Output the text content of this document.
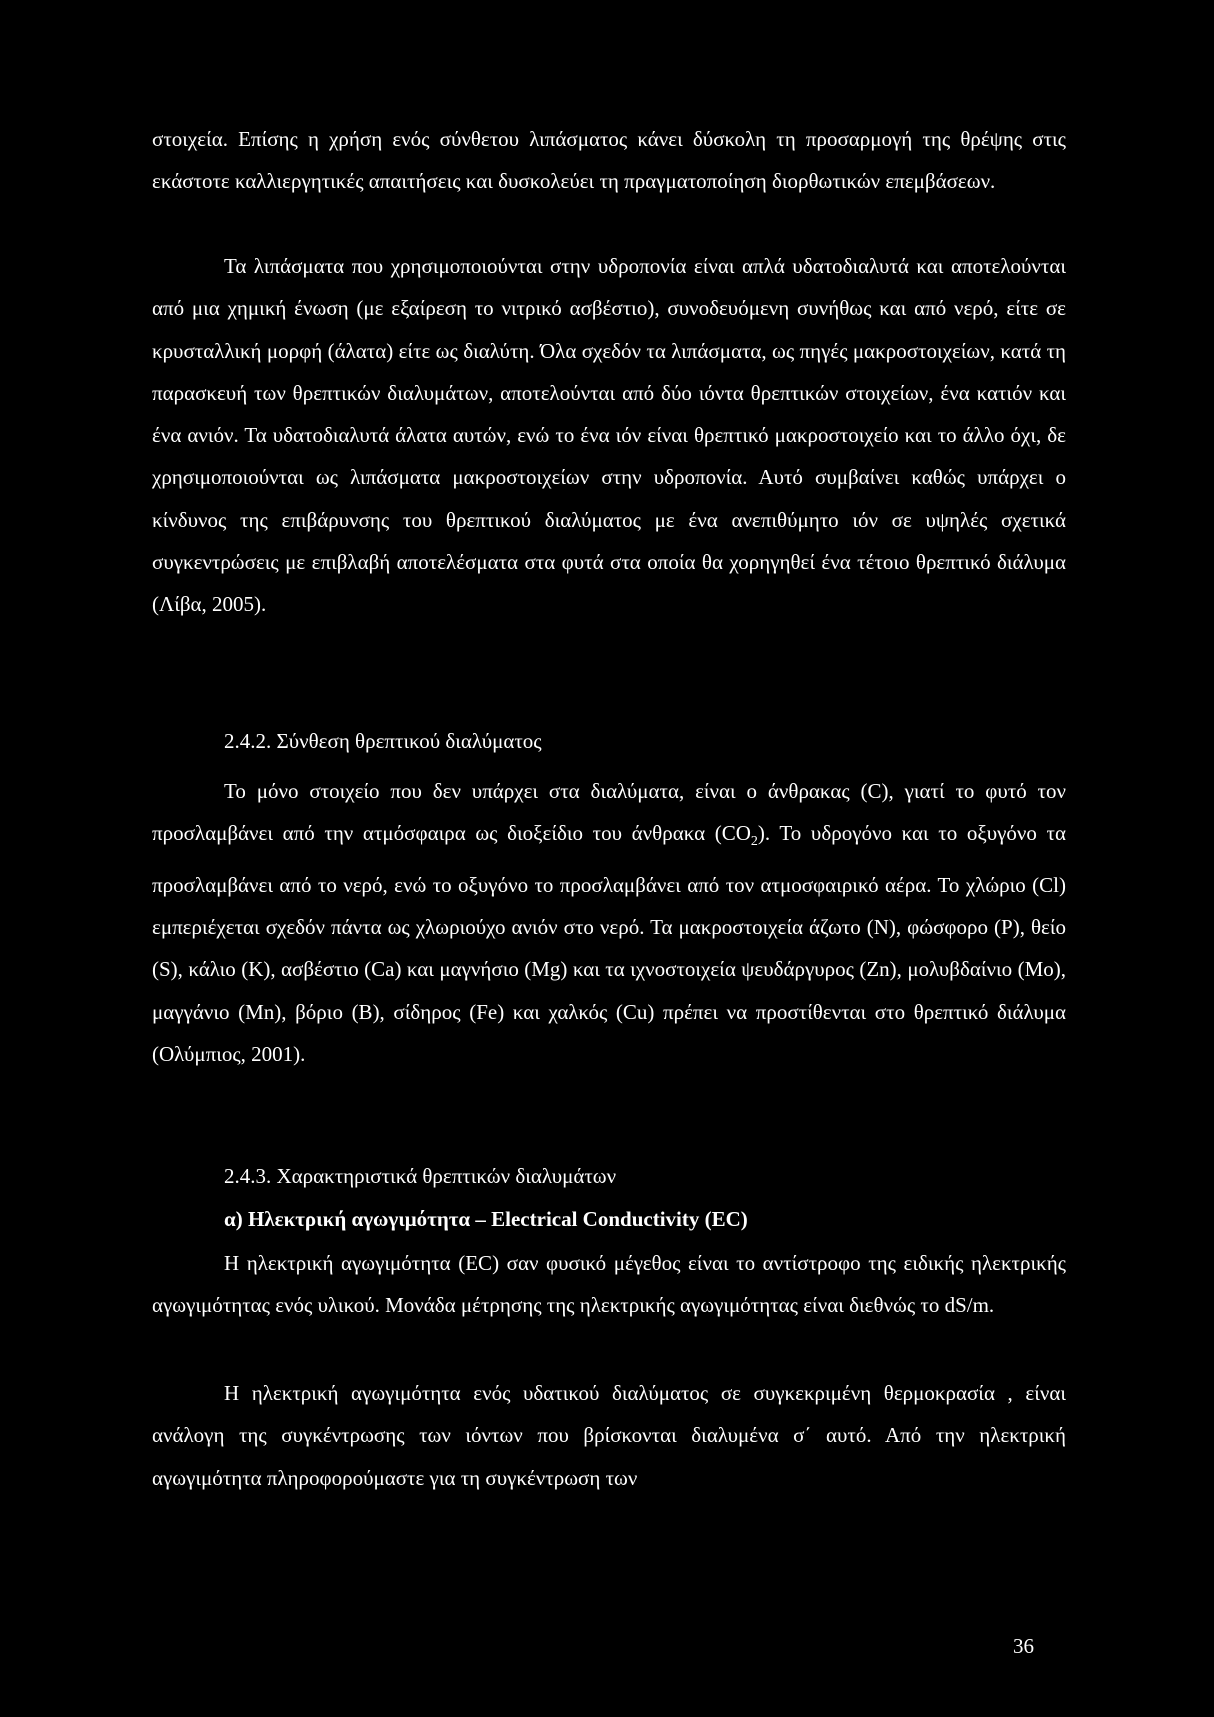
στοιχεία. Επίσης η χρήση ενός σύνθετου λιπάσματος κάνει δύσκολη τη προσαρμογή της θρέψης στις εκάστοτε καλλιεργητικές απαιτήσεις και δυσκολεύει τη πραγματοποίηση διορθωτικών επεμβάσεων.

Τα λιπάσματα που χρησιμοποιούνται στην υδροπονία είναι απλά υδατοδιαλυτά και αποτελούνται από μια χημική ένωση (με εξαίρεση το νιτρικό ασβέστιο), συνοδευόμενη συνήθως και από νερό, είτε σε κρυσταλλική μορφή (άλατα) είτε ως διαλύτη. Όλα σχεδόν τα λιπάσματα, ως πηγές μακροστοιχείων, κατά τη παρασκευή των θρεπτικών διαλυμάτων, αποτελούνται από δύο ιόντα θρεπτικών στοιχείων, ένα κατιόν και ένα ανιόν. Τα υδατοδιαλυτά άλατα αυτών, ενώ το ένα ιόν είναι θρεπτικό μακροστοιχείο και το άλλο όχι, δε χρησιμοποιούνται ως λιπάσματα μακροστοιχείων στην υδροπονία. Αυτό συμβαίνει καθώς υπάρχει ο κίνδυνος της επιβάρυνσης του θρεπτικού διαλύματος με ένα ανεπιθύμητο ιόν σε υψηλές σχετικά συγκεντρώσεις με επιβλαβή αποτελέσματα στα φυτά στα οποία θα χορηγηθεί ένα τέτοιο θρεπτικό διάλυμα (Λίβα, 2005).

2.4.2. Σύνθεση θρεπτικού διαλύματος

Το μόνο στοιχείο που δεν υπάρχει στα διαλύματα, είναι ο άνθρακας (C), γιατί το φυτό τον προσλαμβάνει από την ατμόσφαιρα ως διοξείδιο του άνθρακα $(CO_2)$. Το υδρογόνο και το οξυγόνο τα προσλαμβάνει από το νερό, ενώ το οξυγόνο το προσλαμβάνει από τον ατμοσφαιρικό αέρα. Το χλώριο (Cl) εμπεριέχεται σχεδόν πάντα ως χλωριούχο ανιόν στο νερό. Τα μακροστοιχεία άζωτο (N), φώσφορο (P), θείο (S), κάλιο (K), ασβέστιο (Ca) και μαγνήσιο (Mg) και τα ιχνοστοιχεία ψευδάργυρος (Zn), μολυβδαίνιο (Mo), μαγγάνιο (Mn), βόριο (B), σίδηρος (Fe) και χαλκός (Cu) πρέπει να προστίθενται στο θρεπτικό διάλυμα (Ολύμπιος, 2001).

2.4.3. Χαρακτηριστικά θρεπτικών διαλυμάτων

α) Ηλεκτρική αγωγιμότητα – Electrical Conductivity (EC)

Η ηλεκτρική αγωγιμότητα (EC) σαν φυσικό μέγεθος είναι το αντίστροφο της ειδικής ηλεκτρικής αγωγιμότητας ενός υλικού. Μονάδα μέτρησης της ηλεκτρικής αγωγιμότητας είναι διεθνώς το dS/m.

Η ηλεκτρική αγωγιμότητα ενός υδατικού διαλύματος σε συγκεκριμένη θερμοκρασία , είναι ανάλογη της συγκέντρωσης των ιόντων που βρίσκονται διαλυμένα σ΄ αυτό. Από την ηλεκτρική αγωγιμότητα πληροφορούμαστε για τη συγκέντρωση των

36
